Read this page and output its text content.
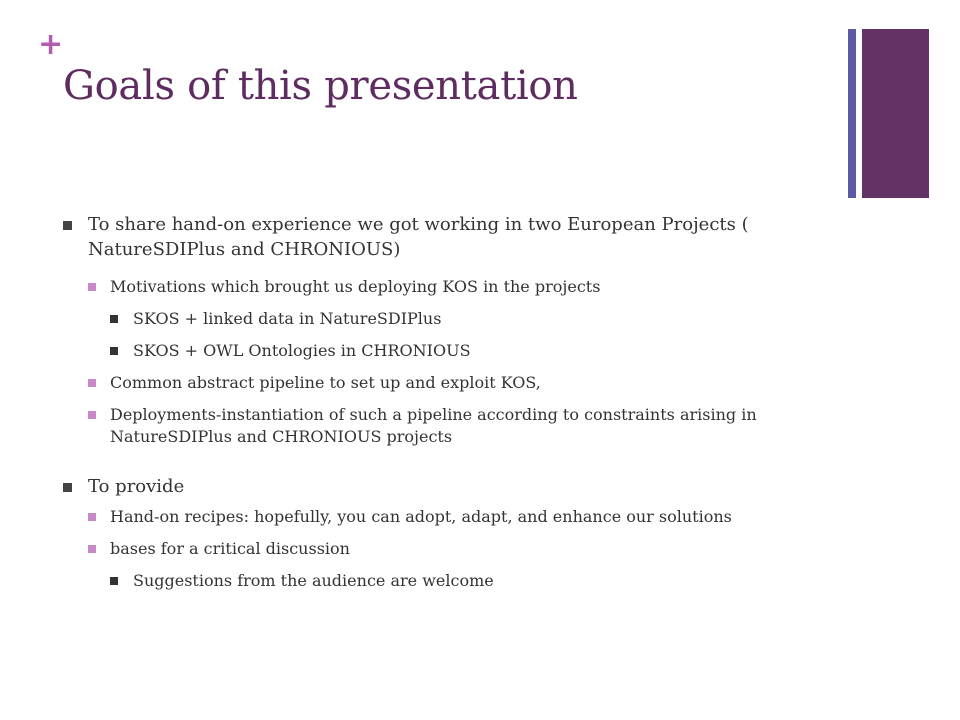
+
Goals of this presentation
To share hand-on experience we got working in two European Projects ( NatureSDIPlus and CHRONIOUS)
Motivations which brought us deploying KOS in the projects
SKOS + linked data in NatureSDIPlus
SKOS + OWL Ontologies in CHRONIOUS
Common abstract pipeline to set up and exploit KOS,
Deployments-instantiation of such a pipeline according to constraints arising in NatureSDIPlus and CHRONIOUS projects
To provide
Hand-on recipes: hopefully, you can adopt, adapt, and enhance our solutions
bases for a critical discussion
Suggestions from the audience are welcome
